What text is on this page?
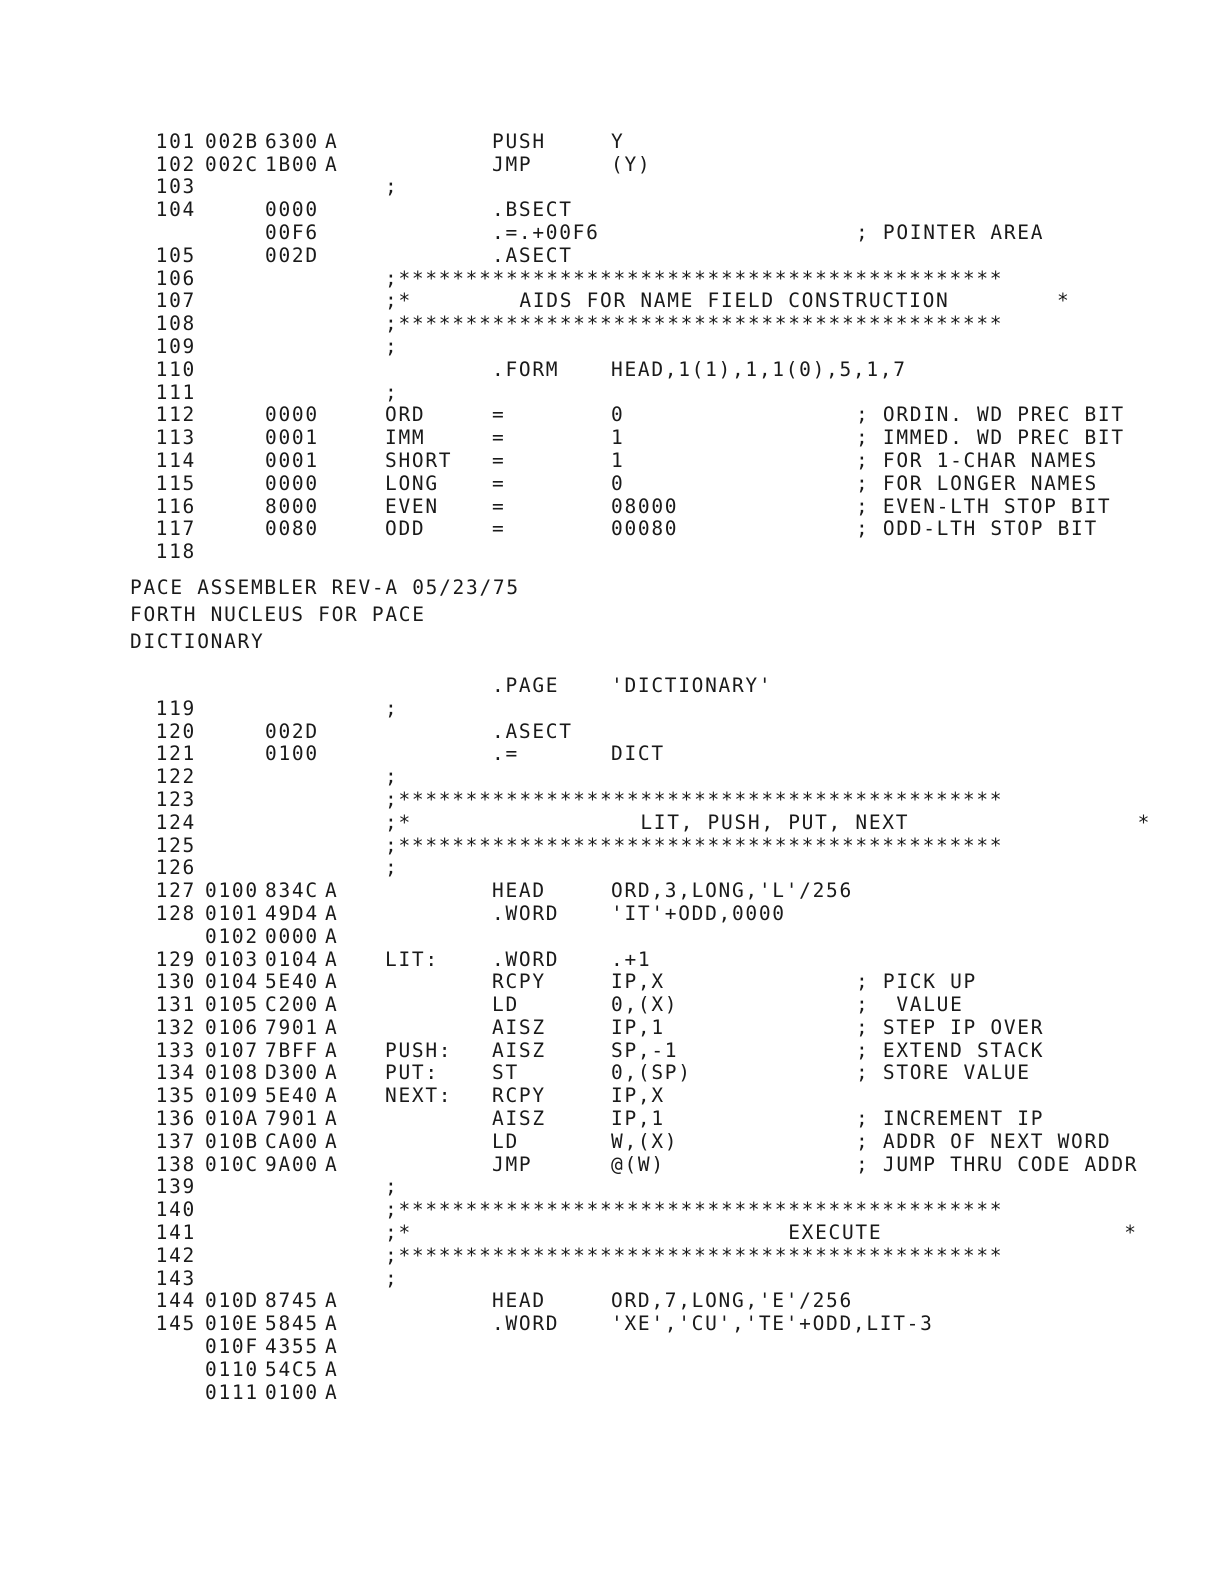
101 002B 6300 A	PUSH	Y
102 002C 1B00 A	JMP	(Y)
103	;
104	0000	.BSECT
00F6	.=.+00F6	; POINTER AREA
105	002D	.ASECT
106	;*********************************************
107	;*        AIDS FOR NAME FIELD CONSTRUCTION        *
108	;*********************************************
109	;
110	.FORM	HEAD,1(1),1,1(0),5,1,7
111	;
112	0000	ORD	=	0	; ORDIN. WD PREC BIT
113	0001	IMM	=	1	; IMMED. WD PREC BIT
114	0001	SHORT	=	1	; FOR 1-CHAR NAMES
115	0000	LONG	=	0	; FOR LONGER NAMES
116	8000	EVEN	=	08000	; EVEN-LTH STOP BIT
117	0080	ODD	=	00080	; ODD-LTH STOP BIT
118
PACE ASSEMBLER REV-A 05/23/75
FORTH NUCLEUS FOR PACE
DICTIONARY
.PAGE	'DICTIONARY'
119	;
120	002D	.ASECT
121	0100	.=	DICT
122	;
123	;*********************************************
124	;*                 LIT, PUSH, PUT, NEXT                 *
125	;*********************************************
126	;
127 0100 834C A	HEAD	ORD,3,LONG,'L'/256
128 0101 49D4 A	.WORD	'IT'+ODD,0000
0102 0000 A
129 0103 0104 A	LIT:	.WORD	.+1
130 0104 5E40 A	RCPY	IP,X	; PICK UP
131 0105 C200 A	LD	0,(X)	;  VALUE
132 0106 7901 A	AISZ	IP,1	; STEP IP OVER
133 0107 7BFF A	PUSH:	AISZ	SP,-1	; EXTEND STACK
134 0108 D300 A	PUT:	ST	0,(SP)	; STORE VALUE
135 0109 5E40 A	NEXT:	RCPY	IP,X
136 010A 7901 A	AISZ	IP,1	; INCREMENT IP
137 010B CA00 A	LD	W,(X)	; ADDR OF NEXT WORD
138 010C 9A00 A	JMP	@(W)	; JUMP THRU CODE ADDR
139	;
140	;*********************************************
141	;*                            EXECUTE                  *
142	;*********************************************
143	;
144 010D 8745 A	HEAD	ORD,7,LONG,'E'/256
145 010E 5845 A	.WORD	'XE','CU','TE'+ODD,LIT-3
010F 4355 A
0110 54C5 A
0111 0100 A
